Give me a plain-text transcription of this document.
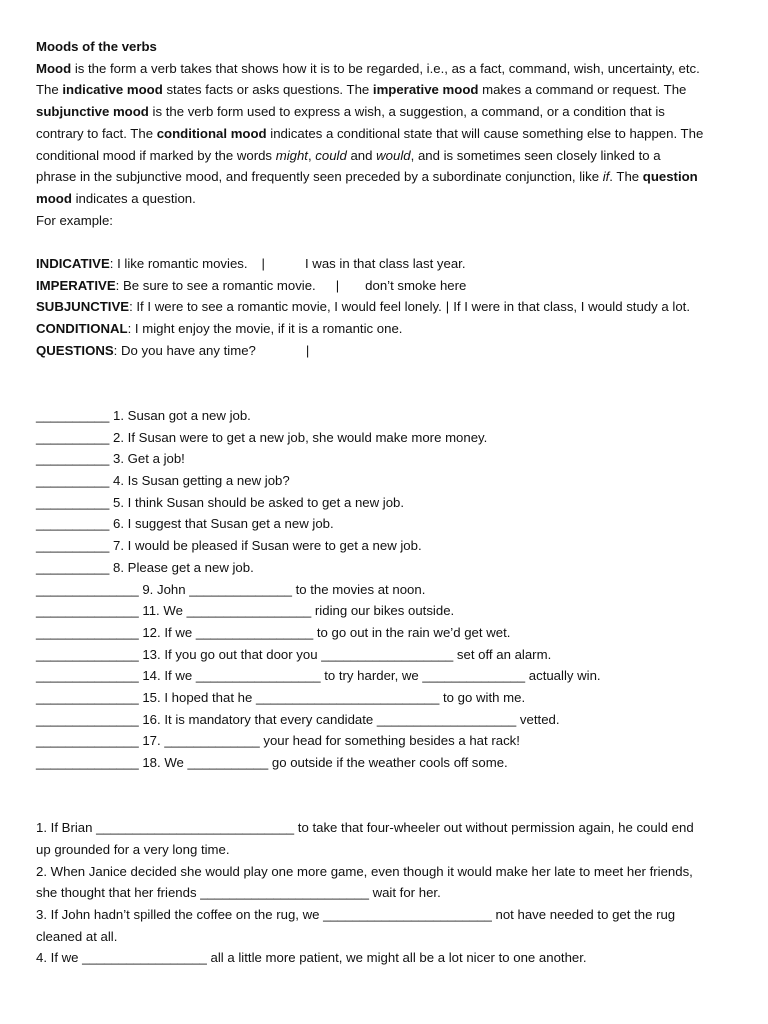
Moods of the verbs

Mood is the form a verb takes that shows how it is to be regarded, i.e., as a fact, command, wish, uncertainty, etc.

The indicative mood states facts or asks questions. The imperative mood makes a command or request. The

subjunctive mood is the verb form used to express a wish, a suggestion, a command, or a condition that is

contrary to fact. The conditional mood indicates a conditional state that will cause something else to happen. The

conditional mood if marked by the words might, could and would, and is sometimes seen closely linked to a

phrase in the subjunctive mood, and frequently seen preceded by a subordinate conjunction, like if. The question

mood indicates a question.

For example:

INDICATIVE: I like romantic movies. |	I was in that class last year.

IMPERATIVE: Be sure to see a romantic movie. | don’t smoke here

SUBJUNCTIVE: If I were to see a romantic movie, I would feel lonely. | If I were in that class, I would study a lot.

CONDITIONAL: I might enjoy the movie, if it is a romantic one.

QUESTIONS: Do you have any time?	|

__________ 1. Susan got a new job.

__________ 2. If Susan were to get a new job, she would make more money.

__________ 3. Get a job!

__________ 4. Is Susan getting a new job?

__________ 5. I think Susan should be asked to get a new job.

__________ 6. I suggest that Susan get a new job.

__________ 7. I would be pleased if Susan were to get a new job.

__________ 8. Please get a new job.

______________ 9. John ______________ to the movies at noon.

______________ 11. We _________________ riding our bikes outside.

______________ 12. If we ________________ to go out in the rain we’d get wet.

______________ 13. If you go out that door you __________________ set off an alarm.

______________ 14. If we _________________ to try harder, we ______________ actually win.

______________ 15. I hoped that he _________________________ to go with me.

______________ 16. It is mandatory that every candidate ___________________ vetted.

______________ 17. _____________ your head for something besides a hat rack!

______________ 18. We ___________ go outside if the weather cools off some.

1. If Brian ___________________________ to take that four-wheeler out without permission again, he could end

up grounded for a very long time.

2. When Janice decided she would play one more game, even though it would make her late to meet her friends,

she thought that her friends _______________________ wait for her.

3. If John hadn’t spilled the coffee on the rug, we _______________________ not have needed to get the rug

cleaned at all.

4. If we _________________ all a little more patient, we might all be a lot nicer to one another.
